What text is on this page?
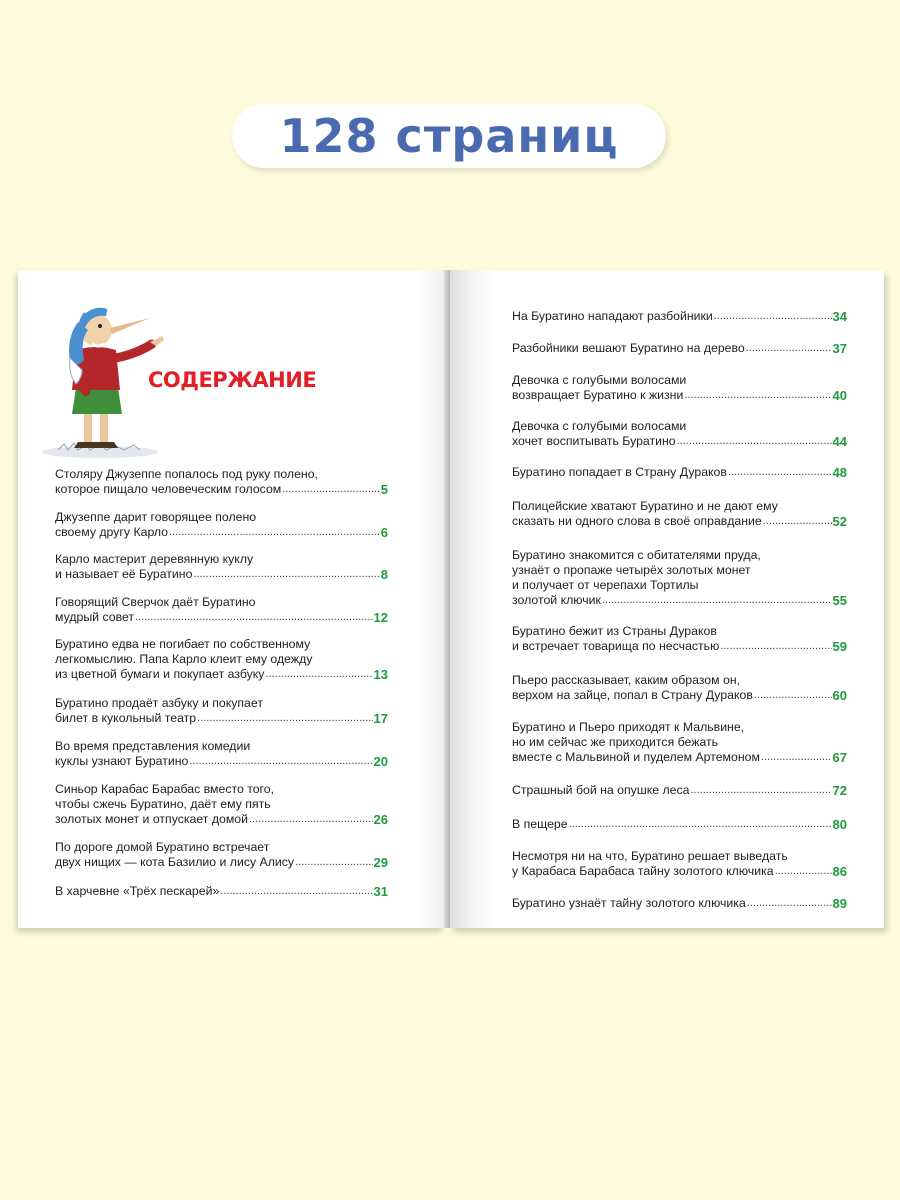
128 страниц
СОДЕРЖАНИЕ
Столяру Джузеппе попалось под руку полено,
которое пищало человеческим голосом .....	5
Джузеппе дарит говорящее полено
своему другу Карло .....	6
Карло мастерит деревянную куклу
и называет её Буратино .....	8
Говорящий Сверчок даёт Буратино
мудрый совет .....	12
Буратино едва не погибает по собственному
легкомыслию. Папа Карло клеит ему одежду
из цветной бумаги и покупает азбуку .....	13
Буратино продаёт азбуку и покупает
билет в кукольный театр .....	17
Во время представления комедии
куклы узнают Буратино .....	20
Синьор Карабас Барабас вместо того,
чтобы сжечь Буратино, даёт ему пять
золотых монет и отпускает домой .....	26
По дороге домой Буратино встречает
двух нищих — кота Базилио и лису Алису .....	29
В харчевне «Трёх пескарей» .....	31
На Буратино нападают разбойники .....	34
Разбойники вешают Буратино на дерево .....	37
Девочка с голубыми волосами
возвращает Буратино к жизни .....	40
Девочка с голубыми волосами
хочет воспитывать Буратино .....	44
Буратино попадает в Страну Дураков .....	48
Полицейские хватают Буратино и не дают ему
сказать ни одного слова в своё оправдание .....	52
Буратино знакомится с обитателями пруда,
узнаёт о пропаже четырёх золотых монет
и получает от черепахи Тортилы
золотой ключик .....	55
Буратино бежит из Страны Дураков
и встречает товарища по несчастью .....	59
Пьеро рассказывает, каким образом он,
верхом на зайце, попал в Страну Дураков .....	60
Буратино и Пьеро приходят к Мальвине,
но им сейчас же приходится бежать
вместе с Мальвиной и пуделем Артемоном .....	67
Страшный бой на опушке леса .....	72
В пещере .....	80
Несмотря ни на что, Буратино решает выведать
у Карабаса Барабаса тайну золотого ключика .....	86
Буратино узнаёт тайну золотого ключика .....	89
